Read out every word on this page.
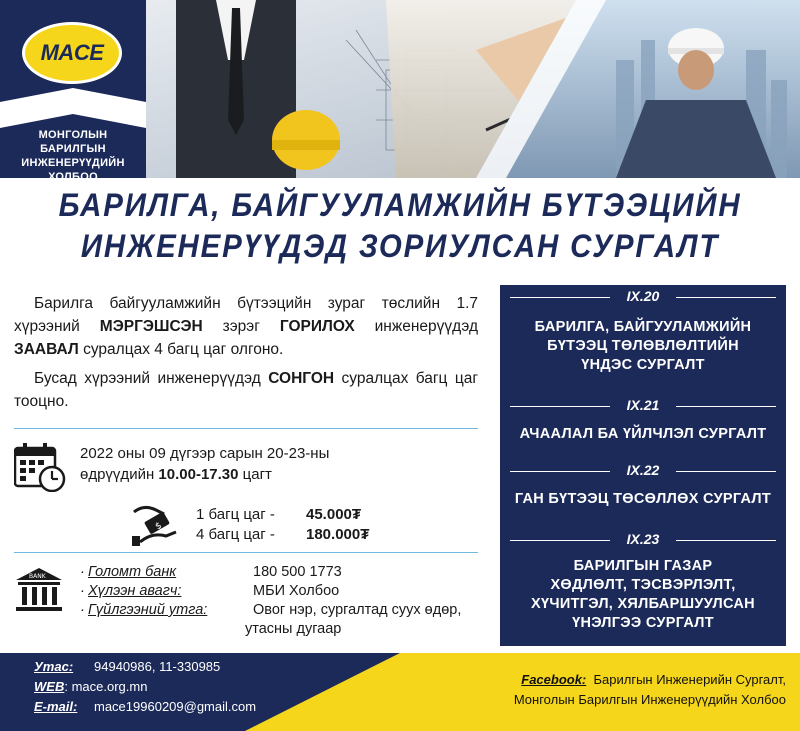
MACE
МОНГОЛЫН БАРИЛГЫН
ИНЖЕНЕРҮҮДИЙН
ХОЛБОО
БАРИЛГА, БАЙГУУЛАМЖИЙН БҮТЭЭЦИЙН
ИНЖЕНЕРҮҮДЭД ЗОРИУЛСАН СУРГАЛТ
Барилга байгууламжийн бүтээцийн зураг төслийн 1.7 хүрээний МЭРГЭШСЭН зэрэг ГОРИЛОХ инженерүүдэд ЗААВАЛ суралцах 4 багц цаг олгоно.
Бусад хүрээний инженерүүдэд СОНГОН суралцах багц цаг тооцно.
2022 оны 09 дүгээр сарын 20-23-ны
өдрүүдийн 10.00-17.30 цагт
$
1 багц цаг - 45.000₮
4 багц цаг - 180.000₮
BANK
·	Голомт банк	180 500 1773
· Хүлээн авагч:	МБИ Холбоо
· Гүйлгээний утга:	Овог нэр, сургалтад суух өдөр,
утасны дугаар
IX.20
БАРИЛГА, БАЙГУУЛАМЖИЙН
БҮТЭЭЦ ТӨЛӨВЛӨЛТИЙН
ҮНДЭС СУРГАЛТ
IX.21
АЧААЛАЛ БА ҮЙЛЧЛЭЛ СУРГАЛТ
IX.22
ГАН БҮТЭЭЦ ТӨСӨЛЛӨХ СУРГАЛТ
IX.23
БАРИЛГЫН ГАЗАР
ХӨДЛӨЛТ, ТЭСВЭРЛЭЛТ,
ХҮЧИТГЭЛ, ХЯЛБАРШУУЛСАН
ҮНЭЛГЭЭ СУРГАЛТ
Утас: 94940986, 11-330985
WEB: mace.org.mn
E-mail: mace19960209@gmail.com
Facebook: Барилгын Инженерийн Сургалт,
Монголын Барилгын Инженерүүдийн Холбоо
